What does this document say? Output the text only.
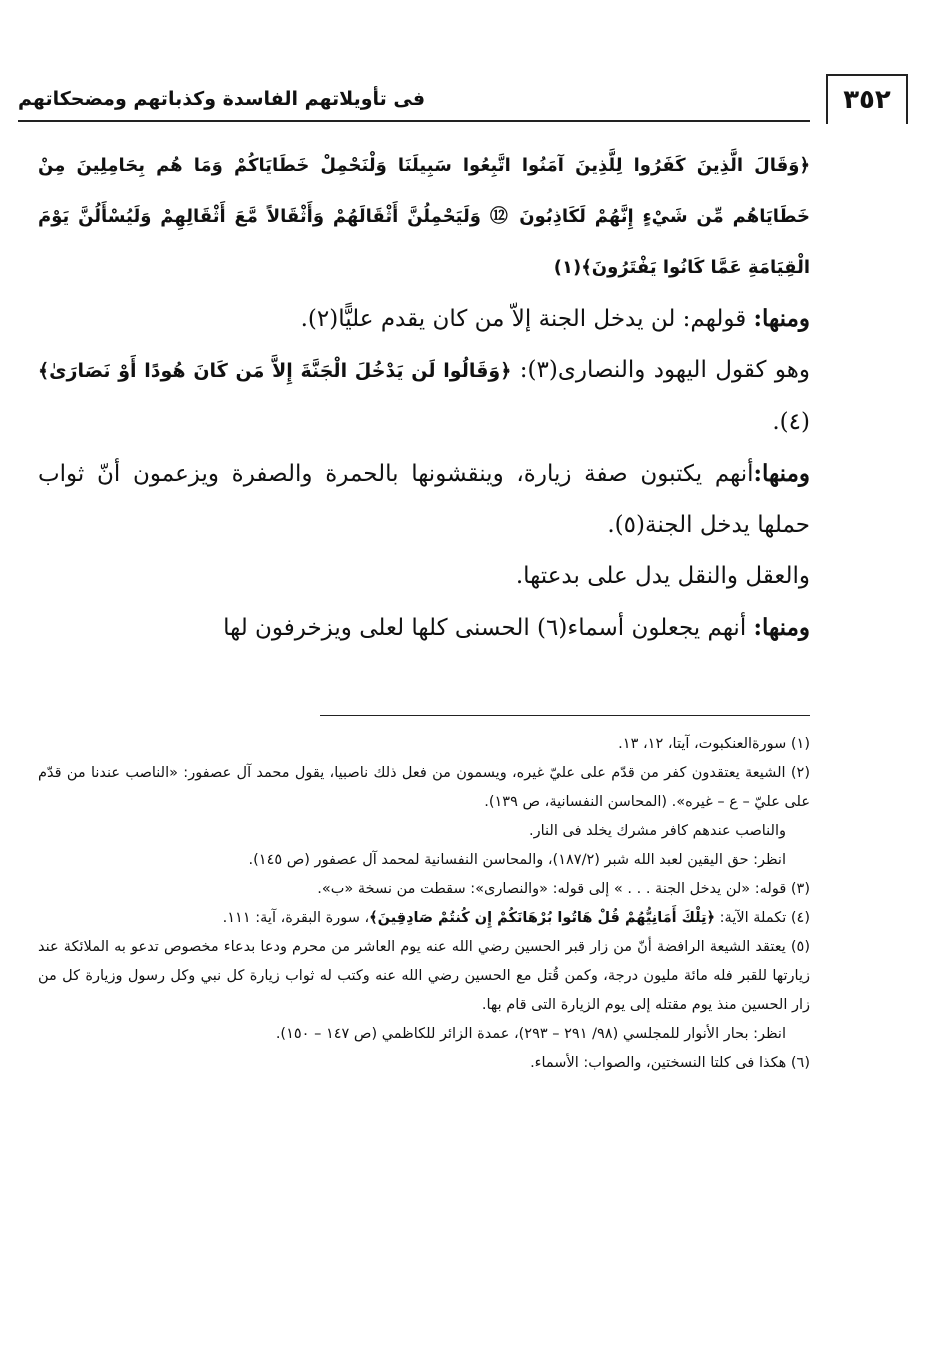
٣٥٢
فى تأويلاتهم الفاسدة وكذباتهم ومضحكاتهم

﴿وَقَالَ الَّذِينَ كَفَرُوا لِلَّذِينَ آمَنُوا اتَّبِعُوا سَبِيلَنَا وَلْنَحْمِلْ خَطَايَاكُمْ وَمَا هُم بِحَامِلِينَ مِنْ خَطَايَاهُم مِّن شَيْءٍ إِنَّهُمْ لَكَاذِبُونَ ⑫ وَلَيَحْمِلُنَّ أَثْقَالَهُمْ وَأَثْقَالاً مَّعَ أَثْقَالِهِمْ وَلَيُسْأَلُنَّ يَوْمَ الْقِيَامَةِ عَمَّا كَانُوا يَفْتَرُونَ﴾(١)

ومنها: قولهم: لن يدخل الجنة إلاّ من كان يقدم عليًّا(٢).

وهو كقول اليهود والنصارى(٣): ﴿وَقَالُوا لَن يَدْخُلَ الْجَنَّةَ إِلاَّ مَن كَانَ هُودًا أَوْ نَصَارَىٰ﴾(٤).

ومنها:أنهم يكتبون صفة زيارة، وينقشونها بالحمرة والصفرة ويزعمون أنّ ثواب حملها يدخل الجنة(٥).

والعقل والنقل يدل على بدعتها.

ومنها: أنهم يجعلون أسماء(٦) الحسنى كلها لعلى ويزخرفون لها

(١) سورةالعنكبوت، آيتا، ١٢، ١٣.

(٢) الشيعة يعتقدون كفر من قدّم على عليّ غيره، ويسمون من فعل ذلك ناصبيا، يقول محمد آل عصفور: «الناصب عندنا من قدّم على عليّ – ع – غيره». (المحاسن النفسانية، ص ١٣٩).

والناصب عندهم كافر مشرك يخلد فى النار.

انظر: حق اليقين لعبد الله شبر (١٨٧/٢)، والمحاسن النفسانية لمحمد آل عصفور (ص ١٤٥).

(٣) قوله: «لن يدخل الجنة . . . » إلى قوله: «والنصارى»: سقطت من نسخة «ب».

(٤) تكملة الآية: ﴿تِلْكَ أَمَانِيُّهُمْ قُلْ هَاتُوا بُرْهَانَكُمْ إِن كُنتُمْ صَادِقِينَ﴾، سورة البقرة، آية: ١١١.

(٥) يعتقد الشيعة الرافضة أنّ من زار قبر الحسين رضي الله عنه يوم العاشر من محرم ودعا بدعاء مخصوص تدعو به الملائكة عند زيارتها للقبر فله مائة مليون درجة، وكمن قُتل مع الحسين رضي الله عنه وكتب له ثواب زيارة كل نبي وكل رسول وزيارة كل من زار الحسين منذ يوم مقتله إلى يوم الزيارة التى قام بها.

انظر: بحار الأنوار للمجلسي (٩٨/ ٢٩١ – ٢٩٣)، عمدة الزائر للكاظمي (ص ١٤٧ – ١٥٠).

(٦) هكذا فى كلتا النسختين، والصواب: الأسماء.
